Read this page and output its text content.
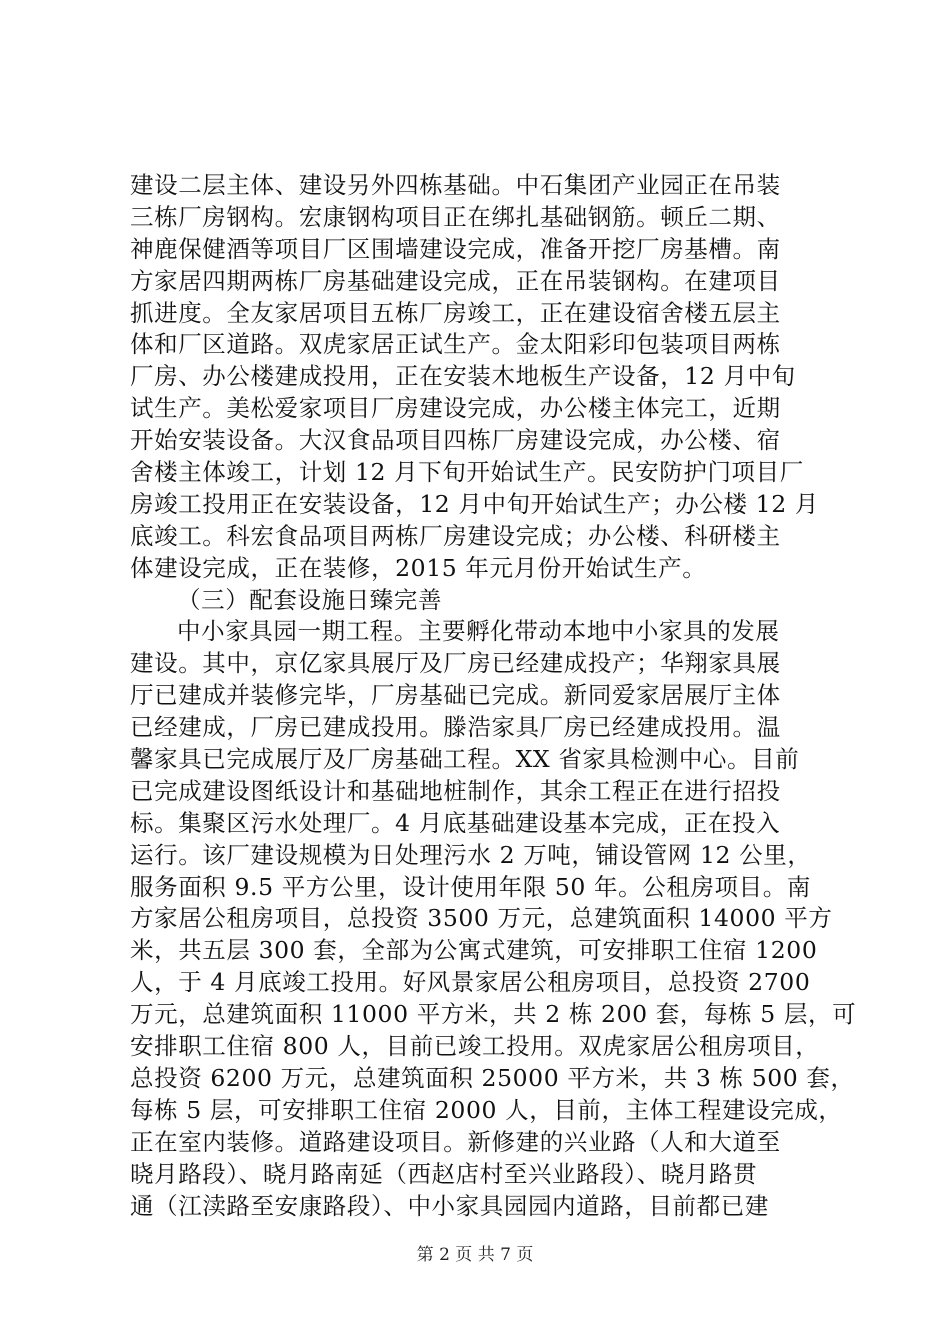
建设二层主体、建设另外四栋基础。中石集团产业园正在吊装
三栋厂房钢构。宏康钢构项目正在绑扎基础钢筋。顿丘二期、
神鹿保健酒等项目厂区围墙建设完成，准备开挖厂房基槽。南
方家居四期两栋厂房基础建设完成，正在吊装钢构。在建项目
抓进度。全友家居项目五栋厂房竣工，正在建设宿舍楼五层主
体和厂区道路。双虎家居正试生产。金太阳彩印包装项目两栋
厂房、办公楼建成投用，正在安装木地板生产设备，12 月中旬
试生产。美松爱家项目厂房建设完成，办公楼主体完工，近期
开始安装设备。大汉食品项目四栋厂房建设完成，办公楼、宿
舍楼主体竣工，计划 12 月下旬开始试生产。民安防护门项目厂
房竣工投用正在安装设备，12 月中旬开始试生产；办公楼 12 月
底竣工。科宏食品项目两栋厂房建设完成；办公楼、科研楼主
体建设完成，正在装修，2015 年元月份开始试生产。
（三）配套设施日臻完善
中小家具园一期工程。主要孵化带动本地中小家具的发展
建设。其中，京亿家具展厅及厂房已经建成投产；华翔家具展
厅已建成并装修完毕，厂房基础已完成。新同爱家居展厅主体
已经建成，厂房已建成投用。滕浩家具厂房已经建成投用。温
馨家具已完成展厅及厂房基础工程。XX 省家具检测中心。目前
已完成建设图纸设计和基础地桩制作，其余工程正在进行招投
标。集聚区污水处理厂。4 月底基础建设基本完成，正在投入
运行。该厂建设规模为日处理污水 2 万吨，铺设管网 12 公里，
服务面积 9.5 平方公里，设计使用年限 50 年。公租房项目。南
方家居公租房项目，总投资 3500 万元，总建筑面积 14000 平方
米，共五层 300 套，全部为公寓式建筑，可安排职工住宿 1200
人，于 4 月底竣工投用。好风景家居公租房项目，总投资 2700
万元，总建筑面积 11000 平方米，共 2 栋 200 套，每栋 5 层，可
安排职工住宿 800 人，目前已竣工投用。双虎家居公租房项目，
总投资 6200 万元，总建筑面积 25000 平方米，共 3 栋 500 套，
每栋 5 层，可安排职工住宿 2000 人，目前，主体工程建设完成，
正在室内装修。道路建设项目。新修建的兴业路（人和大道至
晓月路段）、晓月路南延（西赵店村至兴业路段）、晓月路贯
通（江渎路至安康路段）、中小家具园园内道路，目前都已建
第 2 页 共 7 页
